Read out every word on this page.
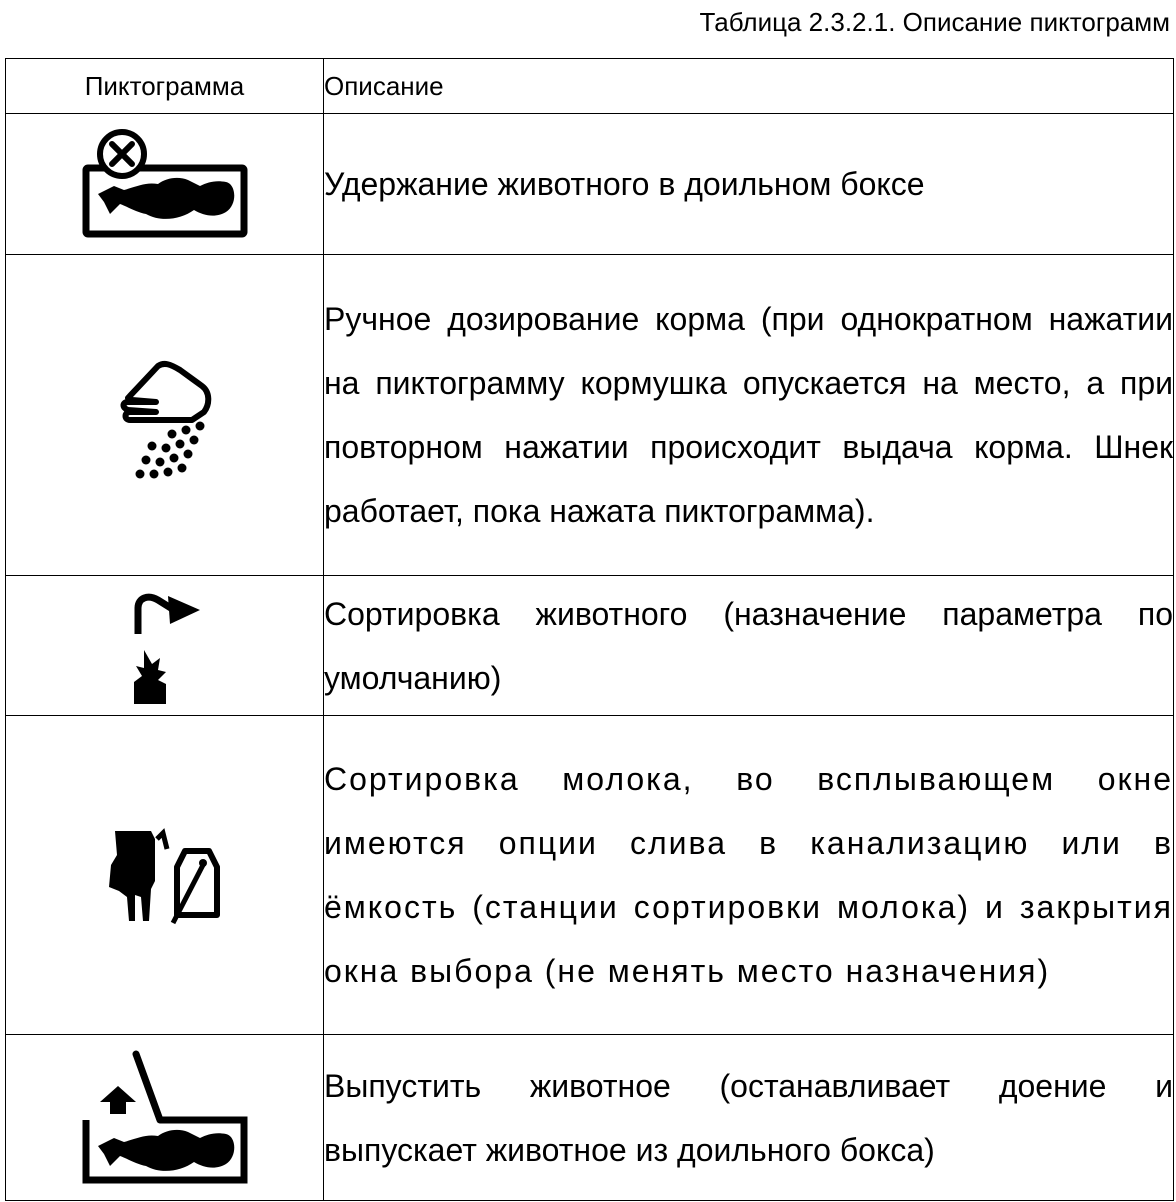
Таблица 2.3.2.1. Описание пиктограмм
Пиктограмма	Описание
	Удержание животного в доильном боксе
	Ручное дозирование корма (при однократном нажатии на пиктограмму кормушка опускается на место, а при повторном нажатии происходит выдача корма. Шнек работает, пока нажата пиктограмма).
	Сортировка животного (назначение параметра по умолчанию)
	Сортировка молока, во всплывающем окне имеются опции слива в канализацию или в ёмкость (станции сортировки молока) и закрытия окна выбора (не менять место назначения)
	Выпустить животное (останавливает доение и выпускает животное из доильного бокса)
